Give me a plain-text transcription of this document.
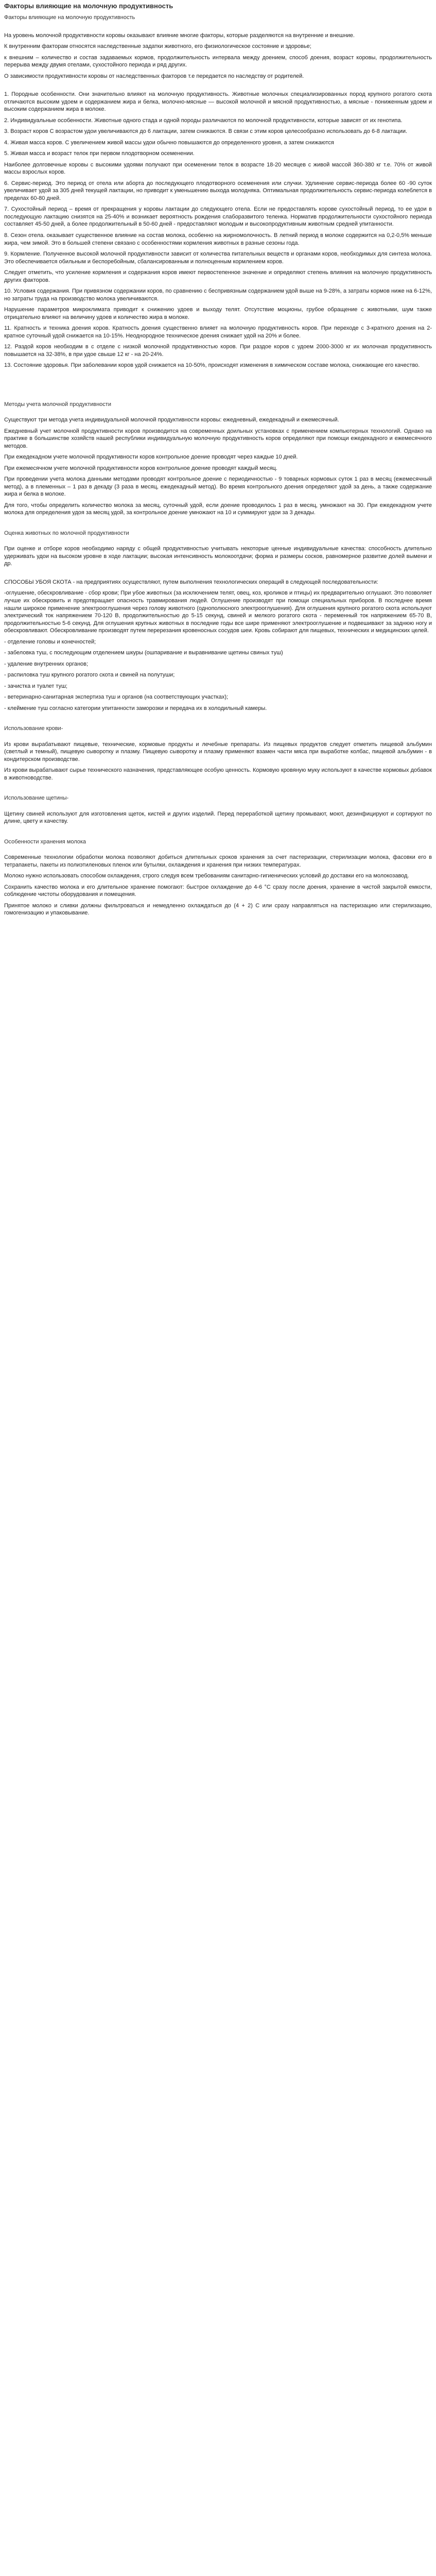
Факторы влияющие на молочную продуктивность
Факторы влияющие на молочную продуктивность

На уровень молочной продуктивности коровы оказывают влияние многие факторы, которые разделяются на внутренние и внешние.

К внутренним факторам относятся наследственные задатки животного, его физиологическое состояние и здоровье;

к внешним – количество и состав задаваемых кормов, продолжительность интервала между доением, способ доения, возраст коровы, продолжительность перерыва между двумя отелами, сухостойного периода и ряд других.

О зависимости продуктивности коровы от наследственных факторов т.е передается по наследству от родителей.

1. Породные особенности. Они значительно влияют на молочную продуктивность. Животные молочных специализированных пород крупного рогатого скота отличаются высоким удоем и содержанием жира и белка, молочно-мясные — высокой молочной и мясной продуктивностью, а мясные - пониженным удоем и высоким содержанием жира в молоке.

2. Индивидуальные особенности. Животные одного стада и одной породы различаются по молочной продуктивности, которые зависят от их генотипа.

3. Возраст коров С возрастом удои увеличиваются до 6 лактации, затем снижаются. В связи с этим коров целесообразно использовать до 6-8 лактации.

4. Живая масса коров. С увеличением живой массы удои обычно повышаются до определенного уровня, а затем снижаются

5. Живая масса и возраст телок при первом плодотворном осеменении.

Наиболее долговечные коровы с высокими удоями получают при осеменении телок в возрасте 18-20 месяцев с живой массой 360-380 кг т.е. 70% от живой массы взрослых коров.

6. Сервис-период. Это период от отела или аборта до последующего плодотворного осеменения или случки. Удлинение сервис-периода более 60 -90 суток увеличивает удой за 305 дней текущей лактации, но приводит к уменьшению выхода молодняка. Оптимальная продолжительность сервис-периода колеблется в пределах 60-80 дней.

7. Сухостойный период – время от прекращения у коровы лактации до следующего отела. Если не предоставлять корове сухостойный период, то ее удои в последующую лактацию снизятся на 25-40% и возникает вероятность рождения слаборазвитого теленка. Норматив продолжительности сухостойного периода составляет 45-50 дней, а более продолжительный в 50-60 дней - предоставляют молодым и высокопродуктивным животным средней упитанности.

8. Сезон отела. оказывает существенное влияние на состав молока, особенно на жирномолочность. В летний период в молоке содержится на 0,2-0,5% меньше жира, чем зимой. Это в большей степени связано с особенностями кормления животных в разные сезоны года.

9. Кормление. Полученное высокой молочной продуктивности зависит от количества питательных веществ и органами коров, необходимых для синтеза молока. Это обеспечивается обильным и беспоребойным, сбалансированным и полноценным кормлением коров.

Следует отметить, что усиление кормления и содержания коров имеют первостепенное значение и определяют степень влияния на молочную продуктивность других факторов.

10. Условия содержания. При привязном содержании коров, по сравнению с беспривязным содержанием удой выше на 9-28%, а затраты кормов ниже на 6-12%, но затраты труда на производство молока увеличиваются.

Нарушение параметров микроклимата приводит к снижению удоев и выходу телят. Отсутствие моционы, грубое обращение с животными, шум также отрицательно влияют на величину удоев и количество жира в молоке.

11. Кратность и техника доения коров. Кратность доения существенно влияет на молочную продуктивность коров. При переходе с 3-кратного доения на 2-кратное суточный удой снижается на 10-15%. Неоднородное техническое доения снижает удой на 20% и более.

12. Раздой коров необходим в с отделе с низкой молочной продуктивностью коров. При раздое коров с удоем 2000-3000 кг их молочная продуктивность повышается на 32-38%, в при удое свыше 12 кг - на 20-24%.

13. Состояние здоровья. При заболевании коров удой снижается на 10-50%, происходят изменения в химическом составе молока, снижающие его качество.

Методы учета молочной продуктивности

Существуют три метода учета индивидуальной молочной продуктивности коровы: ежедневный, ежедекадный и ежемесячный.

Ежедневный учет молочной продуктивности коров производится на современных доильных установках с применением компьютерных технологий. Однако на практике в большинстве хозяйств нашей республики индивидуальную молочную продуктивность коров определяют при помощи ежедекадного и ежемесячного методов.

При ежедекадном учете молочной продуктивности коров контрольное доение проводят через каждые 10 дней.

При ежемесячном учете молочной продуктивности коров контрольное доение проводят каждый месяц.

При проведении учета молока данными методами проводят контрольное доение с периодичностью - 9 товарных кормовых суток 1 раз в месяц (ежемесячный метод), а в племенных – 1 раз в декаду (3 раза в месяц, ежедекадный метод). Во время контрольного доения определяют удой за день, а также содержание жира и белка в молоке.

Для того, чтобы определить количество молока за месяц, суточный удой, если доение проводилось 1 раз в месяц, умножают на 30. При ежедекадном учете молока для определения удоя за месяц удой, за контрольное доение умножают на 10 и суммируют удои за 3 декады.

Оценка животных по молочной продуктивности

При оценке и отборе коров необходимо наряду с общей продуктивностью учитывать некоторые ценные индивидуальные качества: способность длительно удерживать удои на высоком уровне в ходе лактации; высокая интенсивность молокоотдачи; форма и размеры сосков, равномерное развитие долей вымени и др.

СПОСОБЫ УБОЯ СКОТА - на предприятиях осуществляют, путем выполнения технологических операций в следующей последовательности:

-оглушение, обескровливание - сбор крови; При убое животных (за исключением телят, овец, коз, кроликов и птицы) их предварительно оглушают. Это позволяет лучше их обескровить и предотвращает опасность травмирования людей. Оглушение производят при помощи специальных приборов. В последнее время нашли широкое применение электрооглушения через голову животного (однополюсного электрооглушения). Для оглушения крупного рогатого скота используют электрический ток напряжением 70-120 В, продолжительностью до 5-15 секунд, свиней и мелкого рогатого скота - переменный ток напряжением 65-70 В, продолжительностью 5-6 секунд. Для оглушения крупных животных в последние годы все шире применяют электрооглушение и подвешивают за заднюю ногу и обескровливают. Обескровливание производят путем перерезания кровеносных сосудов шеи. Кровь собирают для пищевых, технических и медицинских целей.

- отделение головы и конечностей;

- забеловка туш, с последующим отделением шкуры (ошпаривание и выравнивание щетины свиных туш)

- удаление внутренних органов;

- распиловка туш крупного рогатого скота и свиней на полутуши;

- зачистка и туалет туш;

- ветеринарно-санитарная экспертиза туш и органов (на соответствующих участках);

- клеймение туш согласно категории упитанности заморозки и передача их в холодильный камеры.

Использование крови-

Из крови вырабатывают пищевые, технические, кормовые продукты и лечебные препараты. Из пищевых продуктов следует отметить пищевой альбумин (светлый и темный), пищевую сыворотку и плазму. Пищевую сыворотку и плазму применяют взамен части мяса при выработке колбас, пищевой альбумин - в кондитерском производстве.

Из крови вырабатывают сырье технического назначения, представляющее особую ценность. Кормовую кровяную муку используют в качестве кормовых добавок в животноводстве.

Использование щетины-

Щетину свиней используют для изготовления щеток, кистей и других изделий. Перед переработкой щетину промывают, моют, дезинфицируют и сортируют по длине, цвету и качеству.

Особенности хранения молока

Современные технологии обработки молока позволяют добиться длительных сроков хранения за счет пастеризации, стерилизации молока, фасовки его в тетрапакеты, пакеты из полиэтиленовых пленок или бутылки, охлаждения и хранения при низких температурах.

Молоко нужно использовать способом охлаждения, строго следуя всем требованиям санитарно-гигиенических условий до доставки его на молокозавод.

Сохранить качество молока и его длительное хранение помогают: быстрое охлаждение до 4-6 °С сразу после доения, хранение в чистой закрытой емкости, соблюдение чистоты оборудования и помещения.

Принятое молоко и сливки должны фильтроваться и немедленно охлаждаться до (4 + 2) С или сразу направляться на пастеризацию или стерилизацию, гомогенизацию и упаковывание.
